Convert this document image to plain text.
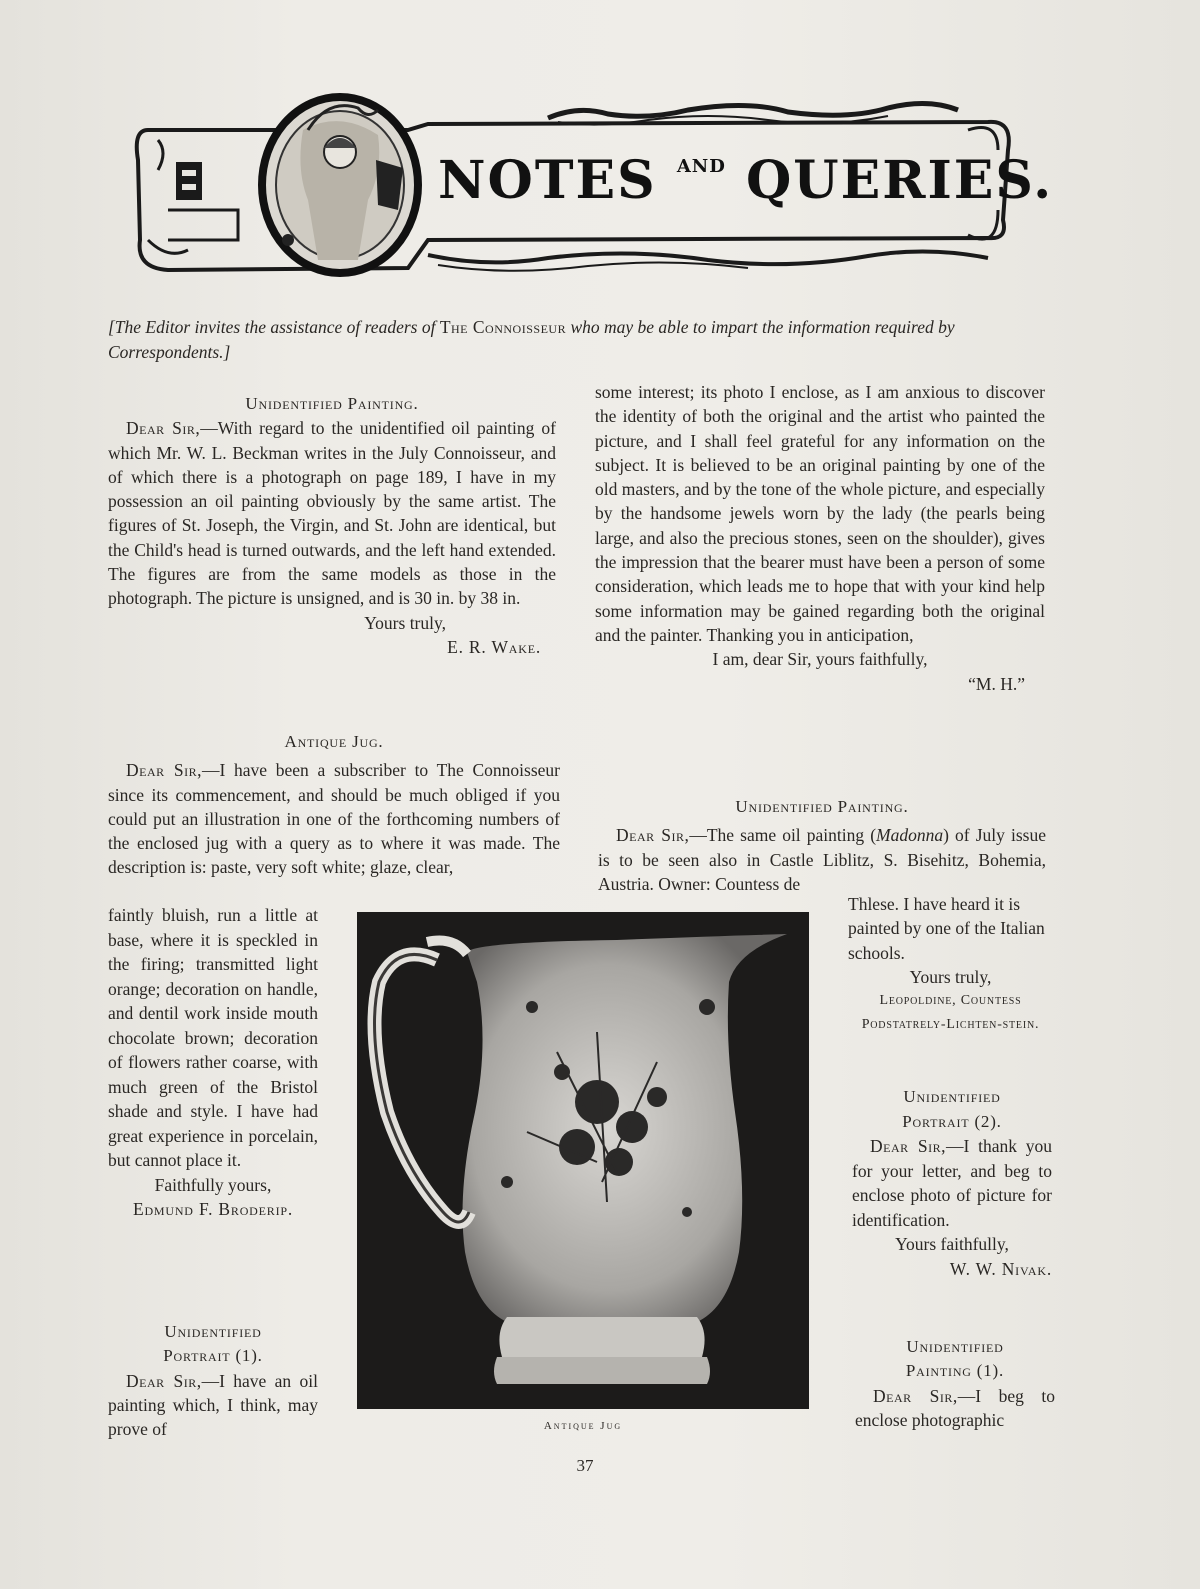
NOTES $^{AND}$ QUERIES.
[The Editor invites the assistance of readers of The Connoisseur who may be able to impart the information required by Correspondents.]

Unidentified Painting.

Dear Sir,—With regard to the unidentified oil painting of which Mr. W. L. Beckman writes in the July Connoisseur, and of which there is a photograph on page 189, I have in my possession an oil painting obviously by the same artist. The figures of St. Joseph, the Virgin, and St. John are identical, but the Child's head is turned outwards, and the left hand extended. The figures are from the same models as those in the photograph. The picture is unsigned, and is 30 in. by 38 in.

Yours truly,

E. R. Wake.

Antique Jug.

Dear Sir,—I have been a subscriber to The Connoisseur since its commencement, and should be much obliged if you could put an illustration in one of the forthcoming numbers of the enclosed jug with a query as to where it was made. The description is: paste, very soft white; glaze, clear,

faintly bluish, run a little at base, where it is speckled in the firing; transmitted light orange; decoration on handle, and dentil work inside mouth chocolate brown; decoration of flowers rather coarse, with much green of the Bristol shade and style. I have had great experience in porcelain, but cannot place it.

Faithfully yours,

Edmund F. Broderip.

Unidentified

Portrait (1).

Dear Sir,—I have an oil painting which, I think, may prove of

some interest; its photo I enclose, as I am anxious to discover the identity of both the original and the artist who painted the picture, and I shall feel grateful for any information on the subject. It is believed to be an original painting by one of the old masters, and by the tone of the whole picture, and especially by the handsome jewels worn by the lady (the pearls being large, and also the precious stones, seen on the shoulder), gives the impression that the bearer must have been a person of some consideration, which leads me to hope that with your kind help some information may be gained regarding both the original and the painter. Thanking you in anticipation,

I am, dear Sir, yours faithfully,

“M. H.”

Unidentified Painting.

Dear Sir,—The same oil painting (Madonna) of July issue is to be seen also in Castle Liblitz, S. Bisehitz, Bohemia, Austria. Owner: Countess de

Thlese. I have heard it is painted by one of the Italian schools.

Yours truly,

Leopoldine, Countess Podstatrely-Lichten-stein.

Unidentified

Portrait (2).

Dear Sir,—I thank you for your letter, and beg to enclose photo of picture for identification.

Yours faithfully,

W. W. Nivak.

Unidentified

Painting (1).

Dear Sir,—I beg to enclose photographic

Antique Jug
37
